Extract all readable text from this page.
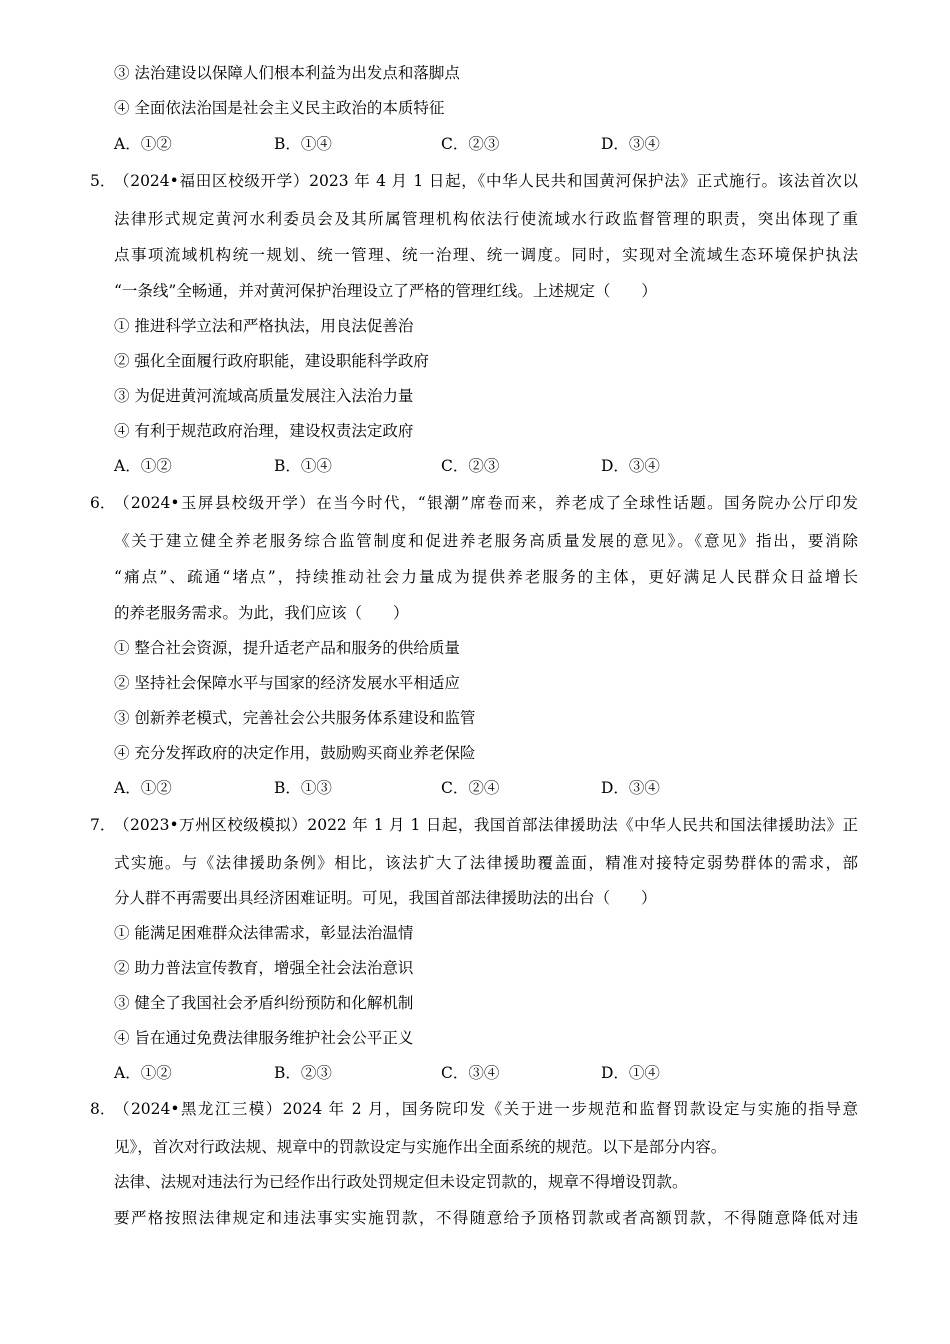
③ 法治建设以保障人们根本利益为出发点和落脚点
④ 全面依法治国是社会主义民主政治的本质特征
A．①②	B．①④	C．②③	D．③④
5．
（2024•福田区校级开学）2023 年 4 月 1 日起，《中华人民共和国黄河保护法》正式施行。该法首次以
法律形式规定黄河水利委员会及其所属管理机构依法行使流域水行政监督管理的职责，突出体现了重
点事项流域机构统一规划、统一管理、统一治理、统一调度。同时，实现对全流域生态环境保护执法
“一条线”全畅通，并对黄河保护治理设立了严格的管理红线。上述规定（　　）
① 推进科学立法和严格执法，用良法促善治
② 强化全面履行政府职能，建设职能科学政府
③ 为促进黄河流域高质量发展注入法治力量
④ 有利于规范政府治理，建设权责法定政府
A．①②	B．①④	C．②③	D．③④
6．
（2024•玉屏县校级开学）在当今时代，“银潮”席卷而来，养老成了全球性话题。国务院办公厅印发
《关于建立健全养老服务综合监管制度和促进养老服务高质量发展的意见》。《意见》指出，要消除
“痛点”、疏通“堵点”，持续推动社会力量成为提供养老服务的主体，更好满足人民群众日益增长
的养老服务需求。为此，我们应该（　　）
① 整合社会资源，提升适老产品和服务的供给质量
② 坚持社会保障水平与国家的经济发展水平相适应
③ 创新养老模式，完善社会公共服务体系建设和监管
④ 充分发挥政府的决定作用，鼓励购买商业养老保险
A．①②	B．①③	C．②④	D．③④
7．
（2023•万州区校级模拟）2022 年 1 月 1 日起，我国首部法律援助法《中华人民共和国法律援助法》正
式实施。与《法律援助条例》相比，该法扩大了法律援助覆盖面，精准对接特定弱势群体的需求，部
分人群不再需要出具经济困难证明。可见，我国首部法律援助法的出台（　　）
① 能满足困难群众法律需求，彰显法治温情
② 助力普法宣传教育，增强全社会法治意识
③ 健全了我国社会矛盾纠纷预防和化解机制
④ 旨在通过免费法律服务维护社会公平正义
A．①②	B．②③	C．③④	D．①④
8．
（2024•黑龙江三模）2024 年 2 月，国务院印发《关于进一步规范和监督罚款设定与实施的指导意
见》，首次对行政法规、规章中的罚款设定与实施作出全面系统的规范。以下是部分内容。
法律、法规对违法行为已经作出行政处罚规定但未设定罚款的，规章不得增设罚款。
要严格按照法律规定和违法事实实施罚款，不得随意给予顶格罚款或者高额罚款，不得随意降低对违
